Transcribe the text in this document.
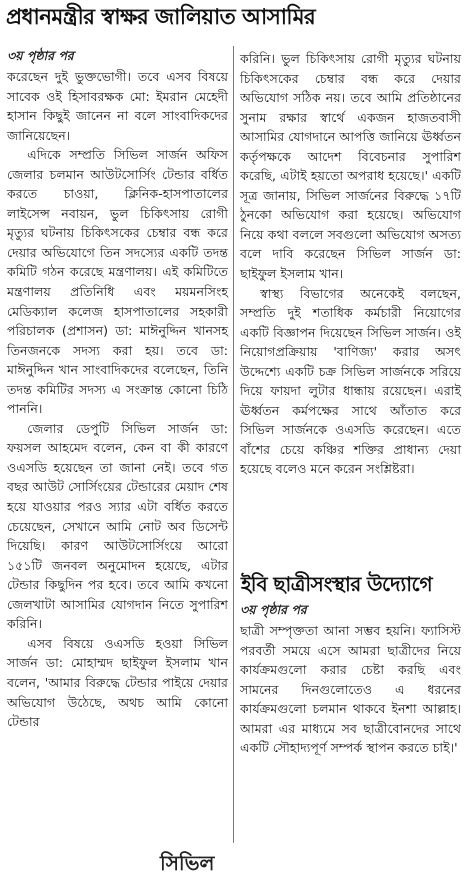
প্রধানমন্ত্রীর স্বাক্ষর জালিয়াত আসামির
৩য় পৃষ্ঠার পর

করেছেন দুই ভুক্তভোগী। তবে এসব বিষয়ে সাবেক ওই হিসাবরক্ষক মো: ইমরান মেহেদী হাসান কিছুই জানেন না বলে সাংবাদিকদের জানিয়েছেন।

এদিকে সম্প্রতি সিভিল সার্জন অফিস জেলার চলমান আউটসোর্সিং টেন্ডার বর্ধিত করতে চাওয়া, ক্লিনিক-হাসপাতালের লাইসেন্স নবায়ন, ভুল চিকিৎসায় রোগী মৃত্যুর ঘটনায় চিকিৎসকের চেম্বার বন্ধ করে দেয়ার অভিযোগে তিন সদস্যের একটি তদন্ত কমিটি গঠন করেছে মন্ত্রণালয়। এই কমিটিতে মন্ত্রণালয় প্রতিনিধি এবং ময়মনসিংহ মেডিক্যাল কলেজ হাসপাতালের সহকারী পরিচালক (প্রশাসন) ডা: মাঈনুদ্দিন খানসহ তিনজনকে সদস্য করা হয়। তবে ডা: মাঈনুদ্দিন খান সাংবাদিকদের বলেছেন, তিনি তদন্ত কমিটির সদস্য এ সংক্রান্ত কোনো চিঠি পাননি।

জেলার ডেপুটি সিভিল সার্জন ডা: ফয়সল আহমেদ বলেন, কেন বা কী কারণে ওএসডি হয়েছেন তা জানা নেই। তবে গত বছর আউট সোর্সিংয়ের টেন্ডারের মেয়াদ শেষ হয়ে যাওয়ার পরও স্যার এটা বর্ধিত করতে চেয়েছেন, সেখানে আমি নোট অব ডিসেন্ট দিয়েছি। কারণ আউটসোর্সিংয়ে আরো ১৫১টি জনবল অনুমোদন হয়েছে, এটার টেন্ডার কিছুদিন পর হবে। তবে আমি কখনো জেলখাটা আসামির যোগদান নিতে সুপারিশ করিনি।

এসব বিষয়ে ওএসডি হওয়া সিভিল সার্জন ডা: মোহাম্মদ ছাইফুল ইসলাম খান বলেন, 'আমার বিরুদ্ধে টেন্ডার পাইয়ে দেয়ার অভিযোগ উঠেছে, অথচ আমি কোনো টেন্ডার

করিনি। ভুল চিকিৎসায় রোগী মৃত্যুর ঘটনায় চিকিৎসকের চেম্বার বন্ধ করে দেয়ার অভিযোগ সঠিক নয়। তবে আমি প্রতিষ্ঠানের সুনাম রক্ষার স্বার্থে একজন হাজতবাসী আসামির যোগদানে আপত্তি জানিয়ে ঊর্ধ্বতন কর্তৃপক্ষকে আদেশ বিবেচনার সুপারিশ করেছি, এটাই হয়তো অপরাধ হয়েছে।' একটি সূত্র জানায়, সিভিল সার্জনের বিরুদ্ধে ১৭টি ঠুনকো অভিযোগ করা হয়েছে। অভিযোগ নিয়ে কথা বললে সবগুলো অভিযোগ অসত্য বলে দাবি করেছেন সিভিল সার্জন ডা: ছাইফুল ইসলাম খান।

স্বাস্থ্য বিভাগের অনেকেই বলছেন, সম্প্রতি দুই শতাধিক কর্মচারী নিয়োগের একটি বিজ্ঞাপন দিয়েছেন সিভিল সার্জন। ওই নিয়োগপ্রক্রিয়ায় 'বাণিজ্য' করার অসৎ উদ্দেশ্যে একটি চক্র সিভিল সার্জনকে সরিয়ে দিয়ে ফায়দা লুটার ধান্ধায় রয়েছেন। এরাই ঊর্ধ্বতন কর্মপক্ষের সাথে আঁতাত করে সিভিল সার্জনকে ওএসডি করেছেন। এতে বাঁশের চেয়ে কঞ্চির শক্তির প্রাধান্য দেয়া হয়েছে বলেও মনে করেন সংশ্লিষ্টরা।

ইবি ছাত্রীসংস্থার উদ্যোগে
৩য় পৃষ্ঠার পর

ছাত্রী সম্পৃক্ততা আনা সম্ভব হয়নি। ফ্যাসিস্ট পরবর্তী সময়ে এসে আমরা ছাত্রীদের নিয়ে কার্যক্রমগুলো করার চেষ্টা করছি এবং সামনের দিনগুলোতেও এ ধরনের কার্যক্রমগুলো চলমান থাকবে ইনশা আল্লাহ। আমরা এর মাধ্যমে সব ছাত্রীবোনদের সাথে একটি সৌহাদ্যপূর্ণ সম্পর্ক স্থাপন করতে চাই।'

সিভিল
